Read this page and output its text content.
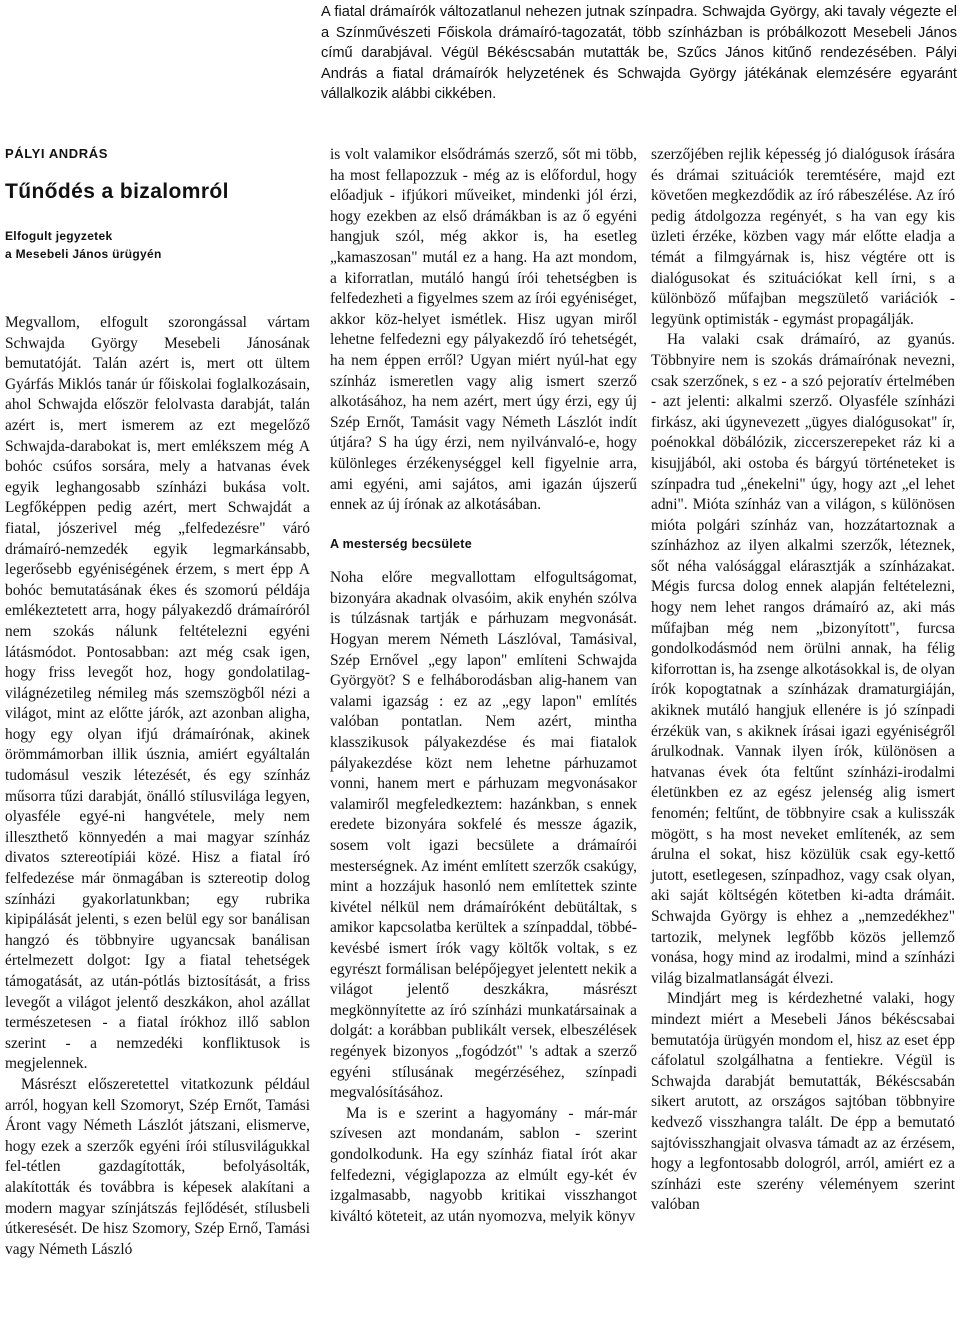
A fiatal drámaírók változatlanul nehezen jutnak színpadra. Schwajda György, aki tavaly végezte el a Színművészeti Főiskola drámaíró-tagozatát, több színházban is próbálkozott Mesebeli János című darabjával. Végül Békéscsabán mutatták be, Szűcs János kitűnő rendezésében. Pályi András a fiatal drámaírók helyzetének és Schwajda György játékának elemzésére egyaránt vállalkozik alábbi cikkében.
PÁLYI ANDRÁS
Tűnődés a bizalomról
Elfogult jegyzetek
a Mesebeli János ürügyén

Megvallom, elfogult szorongással vártam Schwajda György Mesebeli Jánosának bemutatóját. Talán azért is, mert ott ültem Gyárfás Miklós tanár úr főiskolai foglalkozásain, ahol Schwajda először felolvasta darabját, talán azért is, mert ismerem az ezt megelőző Schwajda-darabokat is, mert emlékszem még A bohóc csúfos sorsára, mely a hatvanas évek egyik leghangosabb színházi bukása volt. Legfőképpen pedig azért, mert Schwajdát a fiatal, jószerivel még „felfedezésre" váró drámaíró-nemzedék egyik legmarkánsabb, legerősebb egyéniségének érzem, s mert épp A bohóc bemutatásának ékes és szomorú példája emlékeztetett arra, hogy pályakezdő drámaíróról nem szokás nálunk feltételezni egyéni látásmódot. Pontosabban: azt még csak igen, hogy friss levegőt hoz, hogy gondolatilag-világnézetileg némileg más szemszögből nézi a világot, mint az előtte járók, azt azonban aligha, hogy egy olyan ifjú drámaírónak, akinek örömmámorban illik úsznia, amiért egyáltalán tudomásul veszik létezését, és egy színház műsorra tűzi darabját, önálló stílusvilága legyen, olyasféle egyé-ni hangvétele, mely nem illeszthető könnyedén a mai magyar színház divatos sztereotípiái közé. Hisz a fiatal író felfedezése már önmagában is sztereotip dolog színházi gyakorlatunkban; egy rubrika kipipálását jelenti, s ezen belül egy sor banálisan hangzó és többnyire ugyancsak banálisan értelmezett dolgot: Igy a fiatal tehetségek támogatását, az után-pótlás biztosítását, a friss levegőt a világot jelentő deszkákon, ahol azállat természetesen - a fiatal írókhoz illő sablon szerint - a nemzedéki konfliktusok is megjelennek.

Másrészt előszeretettel vitatkozunk például arról, hogyan kell Szomoryt, Szép Ernőt, Tamási Áront vagy Németh Lászlót játszani, elismerve, hogy ezek a szerzők egyéni írói stílusvilágukkal fel-tétlen gazdagították, befolyásolták, alakították és továbbra is képesek alakítani a modern magyar színjátszás fejlődését, stílusbeli útkeresését. De hisz Szomory, Szép Ernő, Tamási vagy Németh László

is volt valamikor elsődrámás szerző, sőt mi több, ha most fellapozzuk - még az is előfordul, hogy előadjuk - ifjúkori műveiket, mindenki jól érzi, hogy ezekben az első drámákban is az ő egyéni hangjuk szól, még akkor is, ha esetleg „kamaszosan" mutál ez a hang. Ha azt mondom, a kiforratlan, mutáló hangú írói tehetségben is felfedezheti a figyelmes szem az írói egyéniséget, akkor köz-helyet ismétlek. Hisz ugyan miről lehetne felfedezni egy pályakezdő író tehetségét, ha nem éppen erről? Ugyan miért nyúl-hat egy színház ismeretlen vagy alig ismert szerző alkotásához, ha nem azért, mert úgy érzi, egy új Szép Ernőt, Tamásit vagy Németh Lászlót indít útjára? S ha úgy érzi, nem nyilvánvaló-e, hogy különleges érzékenységgel kell figyelnie arra, ami egyéni, ami sajátos, ami igazán újszerű ennek az új írónak az alkotásában.

A mesterség becsülete

Noha előre megvallottam elfogultságomat, bizonyára akadnak olvasóim, akik enyhén szólva is túlzásnak tartják e párhuzam megvonását. Hogyan merem Németh Lászlóval, Tamásival, Szép Ernővel „egy lapon" említeni Schwajda Györgyöt? S e felháborodásban alig-hanem van valami igazság : ez az „egy lapon" említés valóban pontatlan. Nem azért, mintha klasszikusok pályakezdése és mai fiatalok pályakezdése közt nem lehetne párhuzamot vonni, hanem mert e párhuzam megvonásakor valamiről megfeledkeztem: hazánkban, s ennek eredete bizonyára sokfelé és messze ágazik, sosem volt igazi becsülete a drámaírói mesterségnek. Az imént említett szerzők csakúgy, mint a hozzájuk hasonló nem említettek szinte kivétel nélkül nem drámaíróként debütáltak, s amikor kapcsolatba kerültek a színpaddal, többé-kevésbé ismert írók vagy költők voltak, s ez egyrészt formálisan belépőjegyet jelentett nekik a világot jelentő deszkákra, másrészt megkönnyítette az író színházi munkatársainak a dolgát: a korábban publikált versek, elbeszélések regények bizonyos „fogódzót" 's adtak a szerző egyéni stílusának megérzéséhez, színpadi megvalósításához.

Ma is e szerint a hagyomány - már-már szívesen azt mondanám, sablon - szerint gondolkodunk. Ha egy színház fiatal írót akar felfedezni, végiglapozza az elmúlt egy-két év izgalmasabb, nagyobb kritikai visszhangot kiváltó köteteit, az után nyomozva, melyik könyv

szerzőjében rejlik képesség jó dialógusok írására és drámai szituációk teremtésére, majd ezt követően megkezdődik az író rábeszélése. Az író pedig átdolgozza regényét, s ha van egy kis üzleti érzéke, közben vagy már előtte eladja a témát a filmgyárnak is, hisz végtére ott is dialógusokat és szituációkat kell írni, s a különböző műfajban megszülető variációk - legyünk optimisták - egymást propagálják.

Ha valaki csak drámaíró, az gyanús. Többnyire nem is szokás drámaírónak nevezni, csak szerzőnek, s ez - a szó pejoratív értelmében - azt jelenti: alkalmi szerző. Olyasféle színházi firkász, aki úgynevezett „ügyes dialógusokat" ír, poénokkal döbálózik, ziccerszerepeket ráz ki a kisujjából, aki ostoba és bárgyú történeteket is színpadra tud „énekelni" úgy, hogy azt „el lehet adni". Mióta színház van a világon, s különösen mióta polgári színház van, hozzátartoznak a színházhoz az ilyen alkalmi szerzők, léteznek, sőt néha valósággal elárasztják a színházakat. Mégis furcsa dolog ennek alapján feltételezni, hogy nem lehet rangos drámaíró az, aki más műfajban még nem „bizonyított", furcsa gondolkodásmód nem örülni annak, ha félig kiforrottan is, ha zsenge alkotásokkal is, de olyan írók kopogtatnak a színházak dramaturgiáján, akiknek mutáló hangjuk ellenére is jó színpadi érzékük van, s akiknek írásai igazi egyéniségről árulkodnak. Vannak ilyen írók, különösen a hatvanas évek óta feltűnt színházi-irodalmi életünkben ez az egész jelenség alig ismert fenomén; feltűnt, de többnyire csak a kulisszák mögött, s ha most neveket említenék, az sem árulna el sokat, hisz közülük csak egy-kettő jutott, esetlegesen, színpadhoz, vagy csak olyan, aki saját költségén kötetben ki-adta drámáit. Schwajda György is ehhez a „nemzedékhez" tartozik, melynek legfőbb közös jellemző vonása, hogy mind az irodalmi, mind a színházi világ bizalmatlanságát élvezi.

Mindjárt meg is kérdezhetné valaki, hogy mindezt miért a Mesebeli János békéscsabai bemutatója ürügyén mondom el, hisz az eset épp cáfolatul szolgálhatna a fentiekre. Végül is Schwajda darabját bemutatták, Békéscsabán sikert arutott, az országos sajtóban többnyire kedvező visszhangra talált. De épp a bemutató sajtóvisszhangjait olvasva támadt az az érzésem, hogy a legfontosabb dologról, arról, amiért ez a színházi este szerény véleményem szerint valóban
